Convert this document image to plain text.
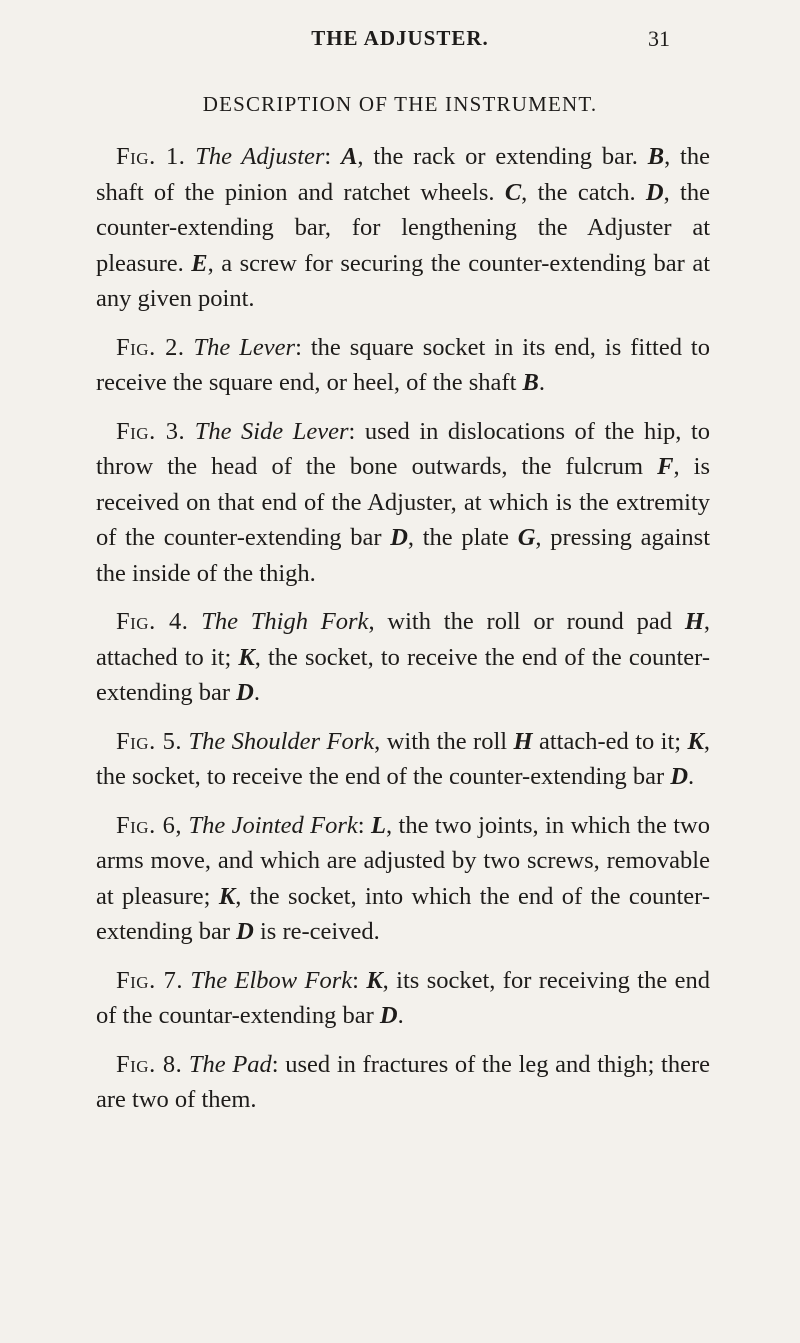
THE ADJUSTER.	31
DESCRIPTION OF THE INSTRUMENT.

Fig. 1. The Adjuster: A, the rack or extending bar. B, the shaft of the pinion and ratchet wheels. C, the catch. D, the counter-extending bar, for lengthening the Adjuster at pleasure. E, a screw for securing the counter-extending bar at any given point.

Fig. 2. The Lever: the square socket in its end, is fitted to receive the square end, or heel, of the shaft B.

Fig. 3. The Side Lever: used in dislocations of the hip, to throw the head of the bone outwards, the fulcrum F, is received on that end of the Adjuster, at which is the extremity of the counter-extending bar D, the plate G, pressing against the inside of the thigh.

Fig. 4. The Thigh Fork, with the roll or round pad H, attached to it; K, the socket, to receive the end of the counter-extending bar D.

Fig. 5. The Shoulder Fork, with the roll H attach-ed to it; K, the socket, to receive the end of the counter-extending bar D.

Fig. 6, The Jointed Fork: L, the two joints, in which the two arms move, and which are adjusted by two screws, removable at pleasure; K, the socket, into which the end of the counter-extending bar D is re-ceived.

Fig. 7. The Elbow Fork: K, its socket, for receiving the end of the countar-extending bar D.

Fig. 8. The Pad: used in fractures of the leg and thigh; there are two of them.
